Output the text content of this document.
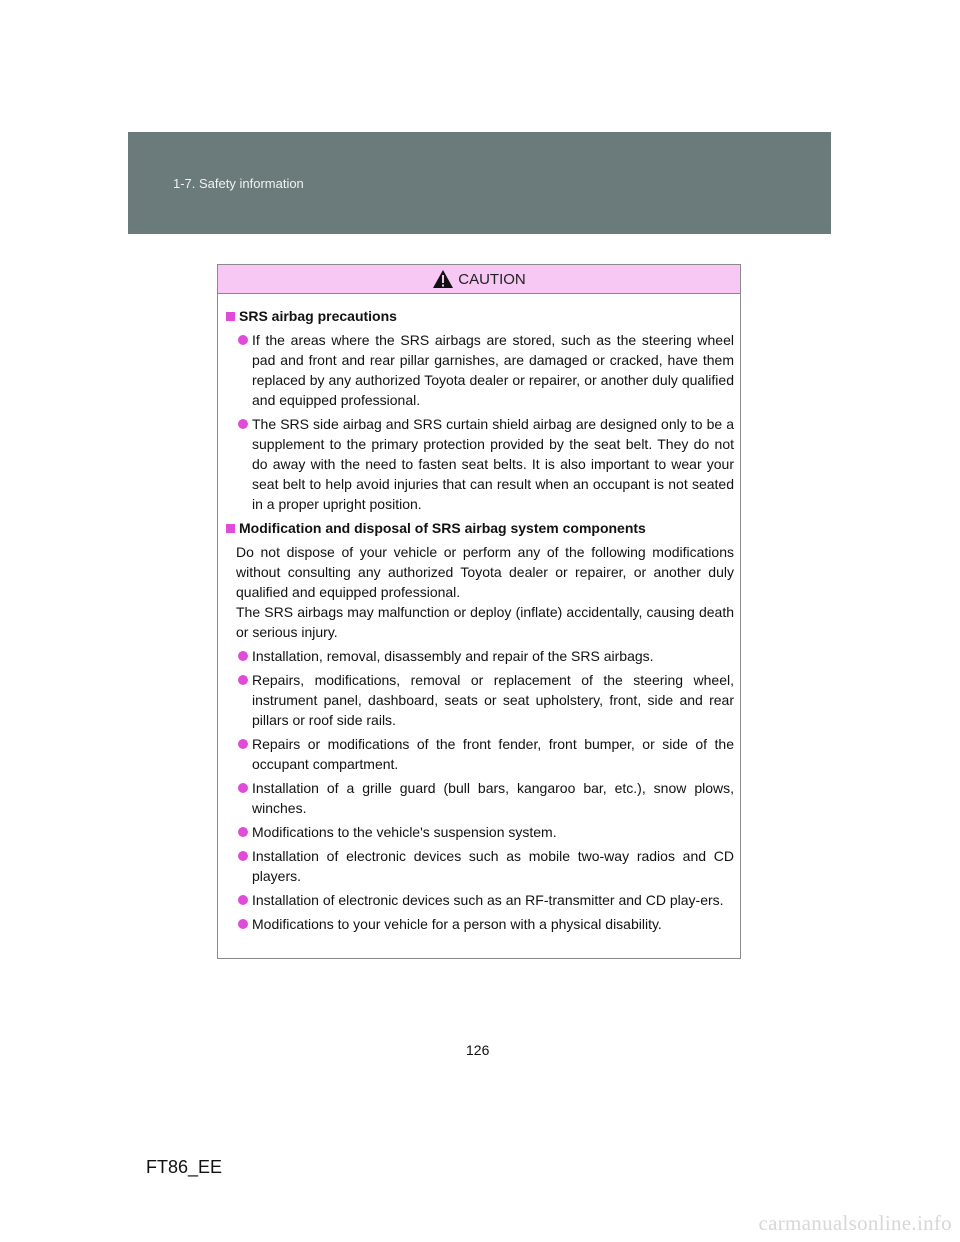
1-7. Safety information
CAUTION
SRS airbag precautions
If the areas where the SRS airbags are stored, such as the steering wheel pad and front and rear pillar garnishes, are damaged or cracked, have them replaced by any authorized Toyota dealer or repairer, or another duly qualified and equipped professional.
The SRS side airbag and SRS curtain shield airbag are designed only to be a supplement to the primary protection provided by the seat belt. They do not do away with the need to fasten seat belts. It is also important to wear your seat belt to help avoid injuries that can result when an occupant is not seated in a proper upright position.
Modification and disposal of SRS airbag system components
Do not dispose of your vehicle or perform any of the following modifications without consulting any authorized Toyota dealer or repairer, or another duly qualified and equipped professional.
The SRS airbags may malfunction or deploy (inflate) accidentally, causing death or serious injury.
Installation, removal, disassembly and repair of the SRS airbags.
Repairs, modifications, removal or replacement of the steering wheel, instrument panel, dashboard, seats or seat upholstery, front, side and rear pillars or roof side rails.
Repairs or modifications of the front fender, front bumper, or side of the occupant compartment.
Installation of a grille guard (bull bars, kangaroo bar, etc.), snow plows, winches.
Modifications to the vehicle's suspension system.
Installation of electronic devices such as mobile two-way radios and CD players.
Installation of electronic devices such as an RF-transmitter and CD play-ers.
Modifications to your vehicle for a person with a physical disability.
126
FT86_EE
carmanualsonline.info
